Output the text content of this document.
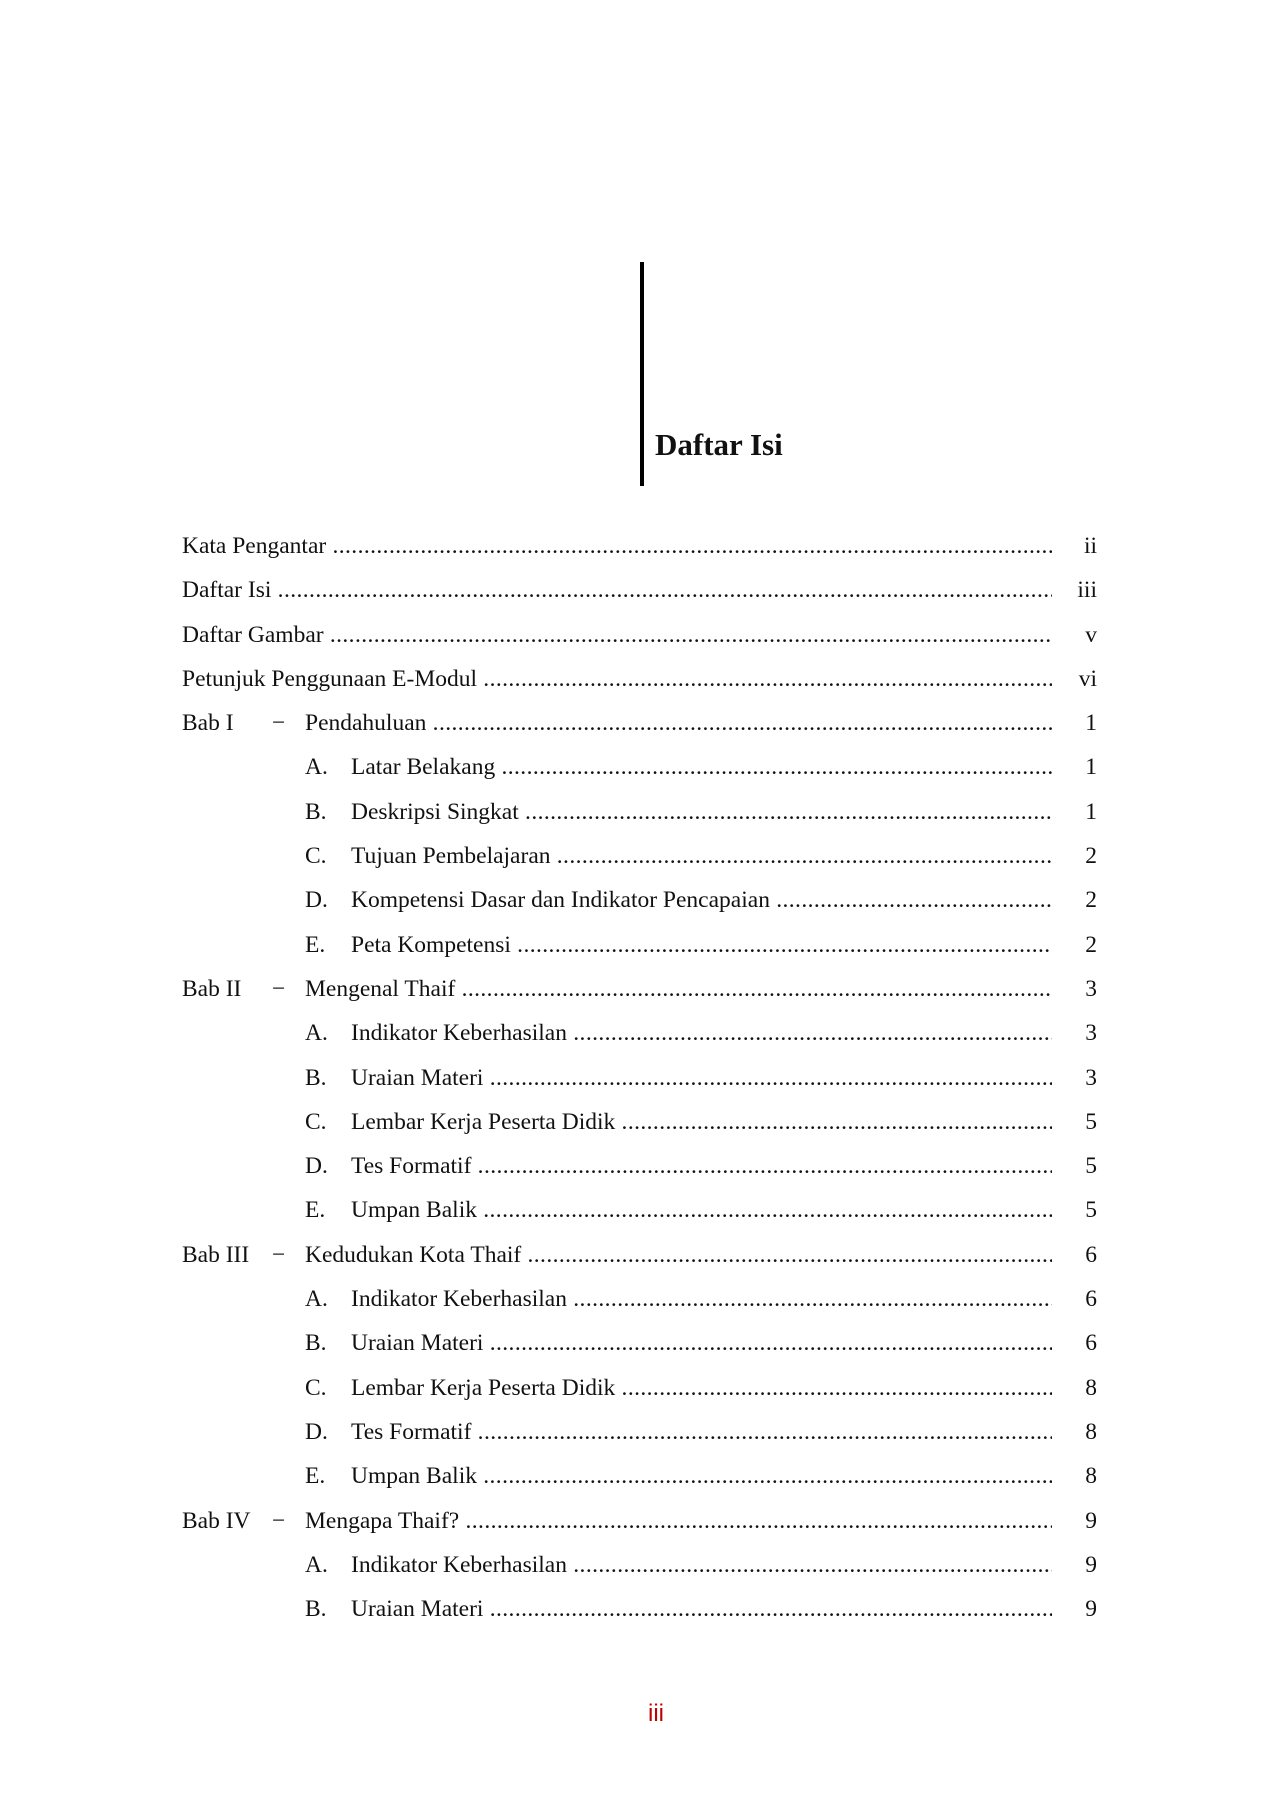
Daftar Isi
Kata Pengantar .....	ii
Daftar Isi .....	iii
Daftar Gambar .....	v
Petunjuk Penggunaan E-Modul .....	vi
Bab I − Pendahuluan .....	1
A. Latar Belakang .....	1
B. Deskripsi Singkat .....	1
C. Tujuan Pembelajaran .....	2
D. Kompetensi Dasar dan Indikator Pencapaian .....	2
E. Peta Kompetensi .....	2
Bab II − Mengenal Thaif .....	3
A. Indikator Keberhasilan .....	3
B. Uraian Materi .....	3
C. Lembar Kerja Peserta Didik .....	5
D. Tes Formatif .....	5
E. Umpan Balik .....	5
Bab III − Kedudukan Kota Thaif .....	6
A. Indikator Keberhasilan .....	6
B. Uraian Materi .....	6
C. Lembar Kerja Peserta Didik .....	8
D. Tes Formatif .....	8
E. Umpan Balik .....	8
Bab IV − Mengapa Thaif? .....	9
A. Indikator Keberhasilan .....	9
B. Uraian Materi .....	9
iii
